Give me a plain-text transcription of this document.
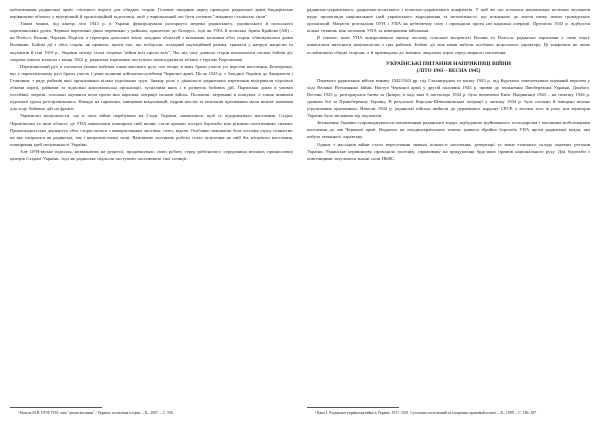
наближенням радянської армії, спільного ворога для обидвох сторін. Головне завдання перед проводом радянської армії бандерівське керівництво вбачало у внутрішній й організаційній підготовці, щоб у вирішальний час бути готовим "зміцнити сталінські сили".

Таким чином, під кінець літа 1943 р. в Україні функціонувала розгорнута мережа радянського, українського й польського партизанських рухів. Червоні партизани діяли переважно у районах, прилеглих до Білорусі, тоді як УПА й польська Армія Крайова (АК) – на Поліссі, Волині, Чартків, Поділлі, а територія дольської землі, західних областей з великими загонами обох сторін, обмежувалися діями Волинню. Бойові дії з обох сторін, як правило, проти тих, що побороли, похідний окупаційний режим, тримали у напрузі нацистів та окупантів й їхні 1919 р., України зв'язку стала теорема "війни всіх проти всіх". Час від часу довкола сторін визначалися спільні бойові дії, зокрема інколи згинули з кінця 1942 р. радянські партизани поступово налагоджували зв'язки з групою Корольовав.

Партизанський рух в тогочасні умовах набував ознак масового руху сил опору, в яких брали участь усі верстви населення. Безперечно, що у партизанському русі брали участь і деякі колишні військовослужбовці Червоної армії. Після 1943 р. з Західної України до Закарпаття і Галичини, з ряду районів якої організовано кілька підпільних груп. Значну роль у діяльності радянських партизанів відігравали підпільні обкоми партії, райкоми та підпільні комсомольські організації, зусиллями яких і в розвиток бойових дій. Партизани діяли в умовах постійної загрози, оскільки окупанти вели проти них каральні операції силами військ. Полонені, затримані в пошуках, а також виявлені підпільні групи розстрілювались. Напади на гарнізони, знищення комунікацій, підрив мостів та ешелонів противника мали велике значення для ходу бойових дій на фронті.

Українські націоналісти, що в часи війни перебували на Сході України, намагалися, щоб їх підтримувало населення. Східні, Чернігівська та інші області, де УПА намагалася поширити свій вплив, стали ареною гострої боротьби між різними політичними силами. Пропагандистська діяльність обох сторін велася з використанням листівок, газет, відозв. Особливо важливою була агітація серед селянства, на яке спиралися як радянські, так і націоналістичні сили. Важливою частиною роботи стало залучення на свій бік місцевого населення, поширення ідей незалежності України.

Але ОУН-івське підпілля, незважаючи на репресії, продовжувало свою роботу серед робітничого середовища великих промислових центрів Східної України, тоді як радянське підпілля поступово посилювало свої позиції.

¹ Коваль М.В. ОУН-УПА: між "двома вогнями" / Україна: політична історія. – К., 2007. – С. 556.

радянсько-українського, радянсько-польського і польсько-українського конфліктів. У цей же час почалася національна політика окупантів щодо пропаганди національних ідей українського відродження та незалежності, що покликало до життя низку нових громадських організацій. Нацисти розглядали ОУН і УПА як небезпечну силу і проводили проти неї каральні операції. Протягом 1943 р. відбулося кілька зіткнень між загонами УПА та німецькими військами.

В умовах, коли УПА контролювала значну частину сільської місцевості Волині та Полісся, радянські партизани у свою чергу намагалися витіснити націоналістів з цих районів. Бойові дії між ними набули особливо жорстокого характеру. Ці конфлікти не лише ослаблювали обидві сторони, а й призводили до значних людських втрат серед мирного населення.

УКРАЇНСЬКІ ПИТАННЯ НАПРИКІНЦІ ВІЙНИ

(ЛІТО 1943 – ВЕСНА 1945)

Перемога радянських військ взимку 1942/1943 рр. під Сталінградом та влітку 1943 р. під Курськом започаткувала корінний перелом у ході Великої Вітчизняної війни. Наступ Червоної армії у другій половині 1943 р. привів до звільнення Лівобережної України, Донбасу. Восени 1943 р. розгорнулася битва за Дніпро, в ході якої 6 листопада 1943 р. було визволено Київ. Наприкінці 1943 – на початку 1944 р. тривали бої за Правобережну Україну. В результаті Корсунь-Шевченківської операції у лютому 1944 р. було оточено й знищено велике угруповання противника. Навесні 1944 р. радянські війська вийшли до державного кордону СРСР, а восени того ж року вся територія України була звільнена від окупантів.

Звільнення України супроводжувалося поновленням радянської влади, відбудовою зруйнованого господарства і масовими мобілізаціями населення до лав Червоної армії. Водночас на західноукраїнських землях тривала збройна боротьба УПА проти радянської влади, яка набула затяжного характеру.

Одним з наслідків війни стало переселення значної кількості населення, депортації та зміна етнічного складу окремих регіонів України. Радянське керівництво проводило політику, спрямовану на придушення будь-яких проявів національного руху. Для боротьби з повстанцями залучалися значні сили НКВС.

¹ Капо І. Радянсько-українська війна в Україні: 1917–1921. Суспільно-політичний та історично-правовий аспект. – К., 1998. – С. 186–187.
